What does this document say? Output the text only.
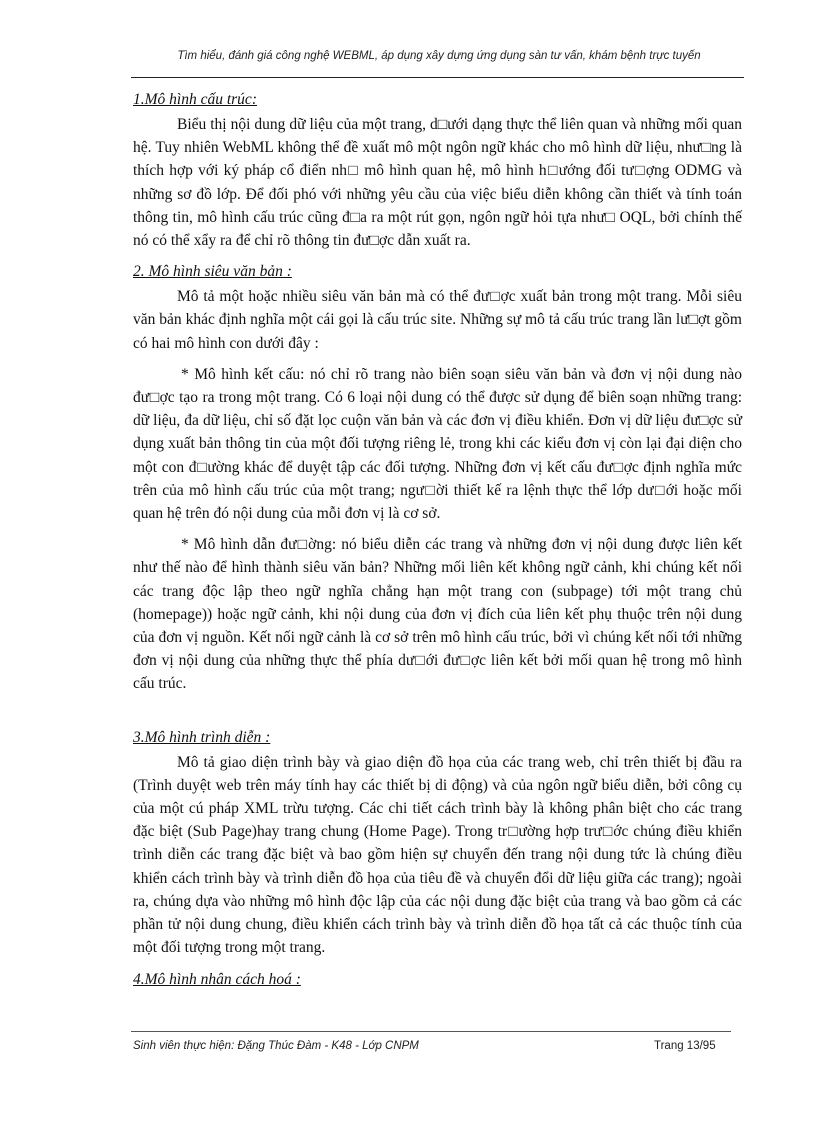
Tìm hiểu, đánh giá công nghệ WEBML, áp dụng xây dựng ứng dụng sàn tư vấn, khám bệnh trực tuyến
1.Mô hình cấu trúc:

Biểu thị nội dung dữ liệu của một trang, d□ưới dạng thực thể liên quan và những mối quan hệ. Tuy nhiên WebML không thể đề xuất mô một ngôn ngữ khác cho mô hình dữ liệu, như□ng là thích hợp với ký pháp cổ điển nh□ mô hình quan hệ, mô hình h□ướng đối tư□ợng ODMG và những sơ đồ lớp. Để đối phó với những yêu cầu của việc biểu diễn không cần thiết và tính toán thông tin, mô hình cấu trúc cũng đ□a ra một rút gọn, ngôn ngữ hỏi tựa như□ OQL, bởi chính thế nó có thể xẩy ra để chỉ rõ thông tin đư□ợc dẫn xuất ra.

2. Mô hình siêu văn bản :

Mô tả một hoặc nhiều siêu văn bản mà có thể đư□ợc xuất bản trong một trang. Mỗi siêu văn bản khác định nghĩa một cái gọi là cấu trúc site. Những sự mô tả cấu trúc trang lần lư□ợt gồm có hai mô hình con dưới đây :

* Mô hình kết cấu: nó chỉ rõ trang nào biên soạn siêu văn bản và đơn vị nội dung nào đư□ợc tạo ra trong một trang. Có 6 loại nội dung có thể được sử dụng để biên soạn những trang: dữ liệu, đa dữ liệu, chỉ số đặt lọc cuộn văn bản và các đơn vị điều khiển. Đơn vị dữ liệu đư□ợc sử dụng xuất bản thông tin của một đối tượng riêng lẻ, trong khi các kiểu đơn vị còn lại đại diện cho một con đ□ường khác để duyệt tập các đối tượng. Những đơn vị kết cấu đư□ợc định nghĩa mức trên của mô hình cấu trúc của một trang; ngư□ời thiết kế ra lệnh thực thể lớp dư□ới hoặc mối quan hệ trên đó nội dung của mỗi đơn vị là cơ sở.

* Mô hình dẫn đư□ờng: nó biểu diễn các trang và những đơn vị nội dung được liên kết như thế nào để hình thành siêu văn bản? Những mối liên kết không ngữ cảnh, khi chúng kết nối các trang độc lập theo ngữ nghĩa chẳng hạn một trang con (subpage) tới một trang chủ (homepage)) hoặc ngữ cảnh, khi nội dung của đơn vị đích của liên kết phụ thuộc trên nội dung của đơn vị nguồn. Kết nối ngữ cảnh là cơ sở trên mô hình cấu trúc, bởi vì chúng kết nối tới những đơn vị nội dung của những thực thể phía dư□ới đư□ợc liên kết bởi mối quan hệ trong mô hình cấu trúc.

3.Mô hình trình diễn :

Mô tả giao diện trình bày và giao diện đồ họa của các trang web, chỉ trên thiết bị đầu ra (Trình duyệt web trên máy tính hay các thiết bị di động) và của ngôn ngữ biểu diễn, bởi công cụ của một cú pháp XML trừu tượng. Các chi tiết cách trình bày là không phân biệt cho các trang đặc biệt (Sub Page)hay trang chung (Home Page). Trong tr□ường hợp trư□ớc chúng điều khiển trình diễn các trang đặc biệt và bao gồm hiện sự chuyển đến trang nội dung tức là chúng điều khiển cách trình bày và trình diễn đồ họa của tiêu đề và chuyển đổi dữ liệu giữa các trang); ngoài ra, chúng dựa vào những mô hình độc lập của các nội dung đặc biệt của trang và bao gồm cả các phần tử nội dung chung, điều khiển cách trình bày và trình diễn đồ họa tất cả các thuộc tính của một đối tượng trong một trang.

4.Mô hình nhân cách hoá :
Sinh viên thực hiện: Đặng Thúc Đàm - K48 - Lớp CNPM	Trang 13/95
